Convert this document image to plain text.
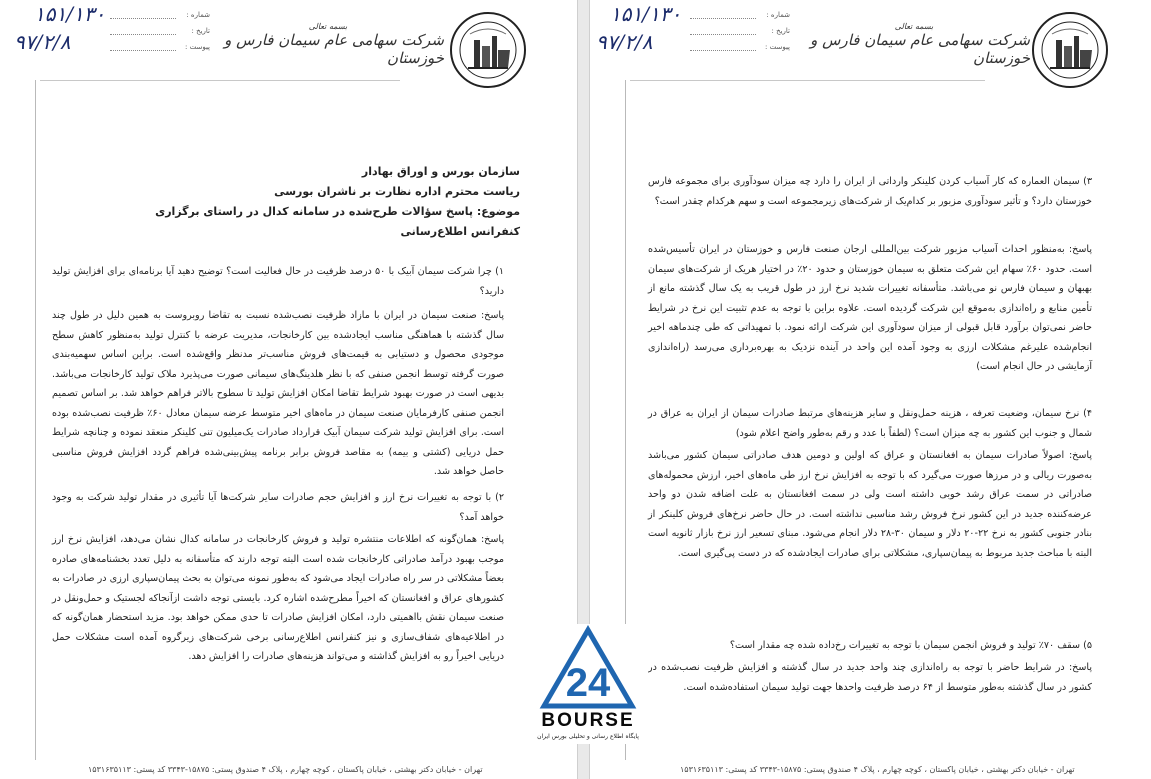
شماره :
تاریخ :
پیوست :
۱۵۱/۱۳۰
۹۷/۲/۸
بسمه تعالی
شرکت سهامی عام سیمان فارس و خوزستان
سازمان بورس و اوراق بهادار
ریاست محترم اداره نظارت بر ناشران بورسی
موضوع: پاسخ سؤالات طرح‌شده در سامانه کدال در راستای برگزاری کنفرانس اطلاع‌رسانی
۱) چرا شرکت سیمان آبیک با ۵۰ درصد ظرفیت در حال فعالیت است؟ توضیح دهید آیا برنامه‌ای برای افزایش تولید دارید؟
پاسخ: صنعت سیمان در ایران با مازاد ظرفیت نصب‌شده نسبت به تقاضا روبروست به همین دلیل در طول چند سال گذشته با هماهنگی مناسب ایجادشده بین کارخانجات، مدیریت عرضه با کنترل تولید به‌منظور کاهش سطح موجودی محصول و دستیابی به قیمت‌های فروش مناسب‌تر مدنظر واقع‌شده است. براین اساس سهمیه‌بندی صورت گرفته توسط انجمن صنفی که با نظر هلدینگ‌های سیمانی صورت می‌پذیرد ملاک تولید کارخانجات می‌باشد. بدیهی است در صورت بهبود شرایط تقاضا امکان افزایش تولید تا سطوح بالاتر فراهم خواهد شد. بر اساس تصمیم انجمن صنفی کارفرمایان صنعت سیمان در ماه‌های اخیر متوسط عرضه سیمان معادل ۶۰٪ ظرفیت نصب‌شده بوده است. برای افزایش تولید شرکت سیمان آبیک قرارداد صادرات یک‌میلیون تنی کلینکر منعقد نموده و چنانچه شرایط حمل دریایی (کشتی و بیمه) به مقاصد فروش برابر برنامه پیش‌بینی‌شده فراهم گردد افزایش فروش مناسبی حاصل خواهد شد.
۲) با توجه به تغییرات نرخ ارز و افزایش حجم صادرات سایر شرکت‌ها آیا تأثیری در مقدار تولید شرکت به وجود خواهد آمد؟
پاسخ: همان‌گونه که اطلاعات منتشره تولید و فروش کارخانجات در سامانه کدال نشان می‌دهد، افزایش نرخ ارز موجب بهبود درآمد صادراتی کارخانجات شده است البته توجه دارند که متأسفانه به دلیل تعدد بخشنامه‌های صادره بعضاً مشکلاتی در سر راه صادرات ایجاد می‌شود که به‌طور نمونه می‌توان به بحث پیمان‌سپاری ارزی در صادرات به کشورهای عراق و افغانستان که اخیراً مطرح‌شده اشاره کرد. بایستی توجه داشت ازآنجاکه لجستیک و حمل‌ونقل در صنعت سیمان نقش بااهمیتی دارد، امکان افزایش صادرات تا حدی ممکن خواهد بود. مزید استحضار همان‌گونه که در اطلاعیه‌های شفاف‌سازی و نیز کنفرانس اطلاع‌رسانی برخی شرکت‌های زیرگروه آمده است مشکلات حمل دریایی اخیراً رو به افزایش گذاشته و می‌تواند هزینه‌های صادرات را افزایش دهد.
تهران - خیابان دکتر بهشتی ، خیابان پاکستان ، کوچه چهارم ، پلاک ۴ صندوق پستی: ۱۵۸۷۵-۳۳۴۳ کد پستی: ۱۵۳۱۶۳۵۱۱۳
شماره :
تاریخ :
پیوست :
۱۵۱/۱۳۰
۹۷/۲/۸
بسمه تعالی
شرکت سهامی عام سیمان فارس و خوزستان
۳) سیمان العماره که کار آسیاب کردن کلینکر وارداتی از ایران را دارد چه میزان سودآوری برای مجموعه فارس خوزستان دارد؟ و تأثیر سودآوری مزبور بر کدام‌یک از شرکت‌های زیرمجموعه است و سهم هرکدام چقدر است؟
پاسخ: به‌منظور احداث آسیاب مزبور شرکت بین‌المللی ارجان صنعت فارس و خوزستان در ایران تأسیس‌شده است. حدود ۶۰٪ سهام این شرکت متعلق به سیمان خوزستان و حدود ۲۰٪ در اختیار هریک از شرکت‌های سیمان بهبهان و سیمان فارس نو می‌باشد. متأسفانه تغییرات شدید نرخ ارز در طول قریب به یک سال گذشته مانع از تأمین منابع و راه‌اندازی به‌موقع این شرکت گردیده است. علاوه براین با توجه به عدم تثبیت این نرخ در شرایط حاضر نمی‌توان برآورد قابل قبولی از میزان سودآوری این شرکت ارائه نمود. با تمهیداتی که طی چندماهه اخیر انجام‌شده علیرغم مشکلات ارزی به وجود آمده این واحد در آینده نزدیک به بهره‌برداری می‌رسد (راه‌اندازی آزمایشی در حال انجام است)
۴) نرخ سیمان، وضعیت تعرفه ، هزینه حمل‌ونقل و سایر هزینه‌های مرتبط صادرات سیمان از ایران به عراق در شمال و جنوب این کشور به چه میزان است؟ (لطفاً با عدد و رقم به‌طور واضح اعلام شود)
پاسخ: اصولاً صادرات سیمان به افغانستان و عراق که اولین و دومین هدف صادراتی سیمان کشور می‌باشد به‌صورت ریالی و در مرزها صورت می‌گیرد که با توجه به افزایش نرخ ارز طی ماه‌های اخیر، ارزش محموله‌های صادراتی در سمت عراق رشد خوبی داشته است ولی در سمت افغانستان به علت اضافه شدن دو واحد عرضه‌کننده جدید در این کشور نرخ فروش رشد مناسبی نداشته است. در حال حاضر نرخ‌های فروش کلینکر از بنادر جنوبی کشور به نرخ ۲۲-۲۰ دلار و سیمان ۳۰-۲۸ دلار انجام می‌شود. مبنای تسعیر ارز نرخ بازار ثانویه است البته با مباحث جدید مربوط به پیمان‌سپاری، مشکلاتی برای صادرات ایجادشده که در دست پی‌گیری است.
۵) سقف ۷۰٪ تولید و فروش انجمن سیمان با توجه به تغییرات رخ‌داده شده چه مقدار است؟
پاسخ: در شرایط حاضر با توجه به راه‌اندازی چند واحد جدید در سال گذشته و افزایش ظرفیت نصب‌شده در کشور در سال گذشته به‌طور متوسط از ۶۴ درصد ظرفیت واحدها جهت تولید سیمان استفاده‌شده است.
تهران - خیابان دکتر بهشتی ، خیابان پاکستان ، کوچه چهارم ، پلاک ۴ صندوق پستی: ۱۵۸۷۵-۳۳۴۳ کد پستی: ۱۵۳۱۶۳۵۱۱۳
24
BOURSE
پایگاه اطلاع رسانی و تحلیلی بورس ایران
